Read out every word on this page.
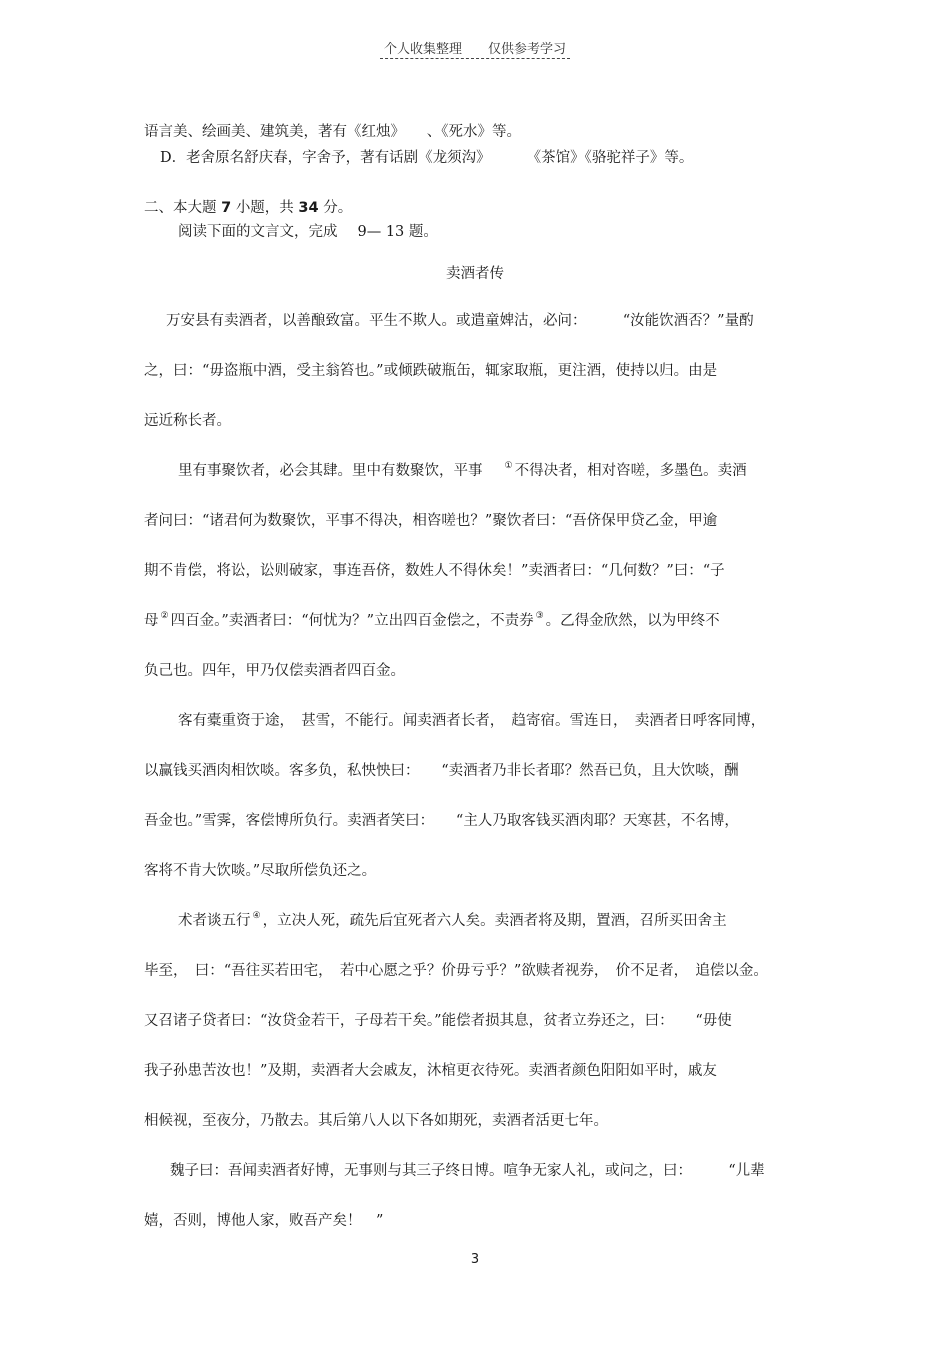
个人收集整理 仅供参考学习
语言美、绘画美、建筑美，著有《红烛》　　、《死水》等。
D．老舍原名舒庆春，字舍予，著有话剧《龙须沟》 《茶馆》《骆驼祥子》等。
二、本大题 7 小题，共 34 分。
阅读下面的文言文，完成 9— 13 题。
卖酒者传
万安县有卖酒者，以善酿致富。平生不欺人。或遣童婢沽，必问：　　　“汝能饮酒否？”量酌
之，曰：“毋盗瓶中酒，受主翁笞也。”或倾跌破瓶缶，辄家取瓶，更注酒，使持以归。由是
远近称长者。
里有事聚饮者，必会其肆。里中有数聚饮，平事 ① 不得决者，相对咨嗟，多墨色。卖酒
者问曰：“诸君何为数聚饮，平事不得决，相咨嗟也？”聚饮者曰：“吾侪保甲贷乙金，甲逾
期不肯偿，将讼，讼则破家，事连吾侪，数姓人不得休矣！”卖酒者曰：“几何数？”曰：“子
母 ② 四百金。”卖酒者曰：“何忧为？”立出四百金偿之，不责券 ③ 。乙得金欣然，以为甲终不
负己也。四年，甲乃仅偿卖酒者四百金。
客有橐重资于途，　甚雪，不能行。闻卖酒者长者，　趋寄宿。雪连日，　卖酒者日呼客同博，
以赢钱买酒肉相饮啖。客多负，私怏怏曰：　　“卖酒者乃非长者耶？然吾已负，且大饮啖，酬
吾金也。”雪霁，客偿博所负行。卖酒者笑曰：　　“主人乃取客钱买酒肉耶？天寒甚，不名博，
客将不肯大饮啖。”尽取所偿负还之。
术者谈五行 ④ ，立决人死，疏先后宜死者六人矣。卖酒者将及期，置酒，召所买田舍主
毕至，　曰：“吾往买若田宅，　若中心愿之乎？价毋亏乎？”欲赎者视券，　价不足者，　追偿以金。
又召诸子贷者曰：“汝贷金若干，子母若干矣。”能偿者损其息，贫者立券还之，曰：　　“毋使
我子孙患苦汝也！”及期，卖酒者大会戚友，沐棺更衣待死。卖酒者颜色阳阳如平时，戚友
相候视，至夜分，乃散去。其后第八人以下各如期死，卖酒者活更七年。
魏子曰：吾闻卖酒者好博，无事则与其三子终日博。喧争无家人礼，或问之，曰：　　　“儿辈
嬉，否则，博他人家，败吾产矣！　”
3
